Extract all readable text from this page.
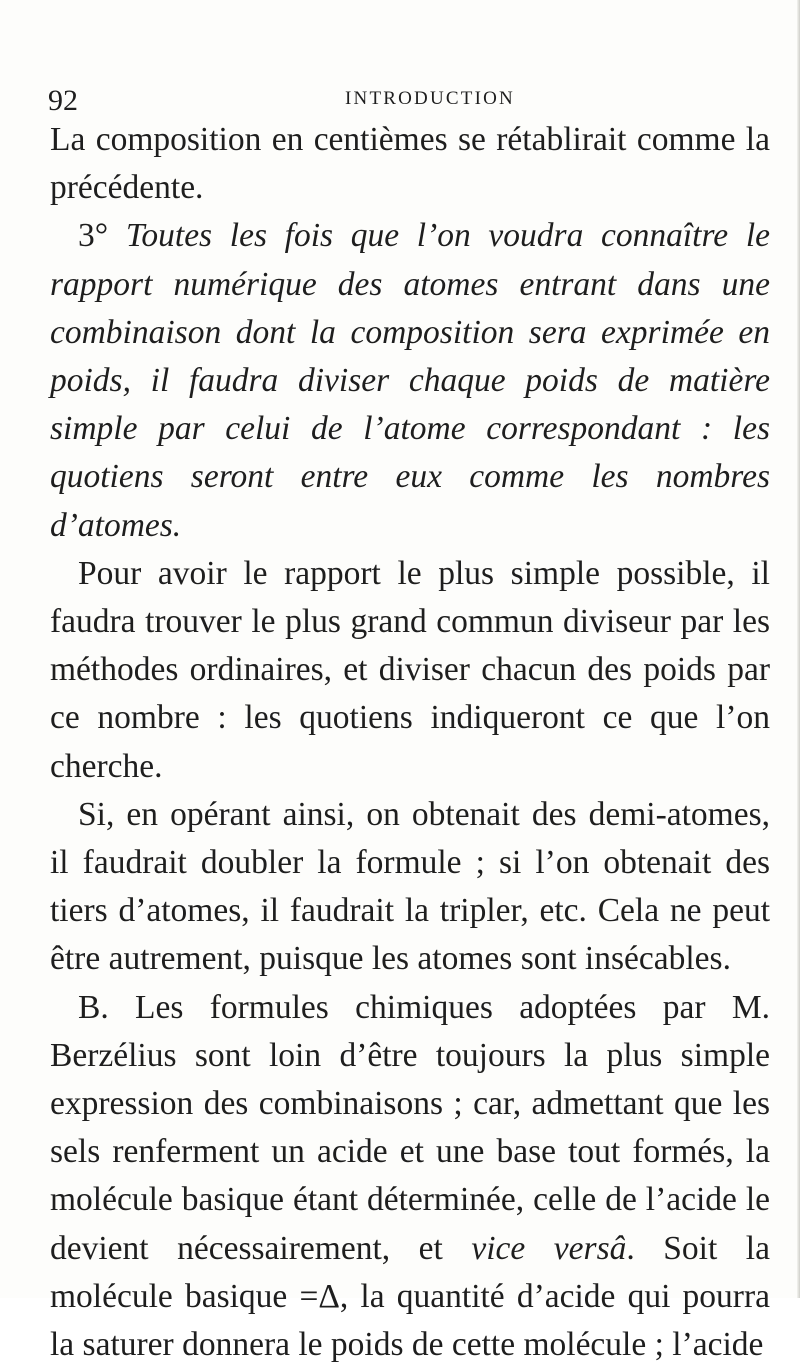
92	INTRODUCTION

La composition en centièmes se rétablirait comme la précédente.

3° Toutes les fois que l’on voudra connaître le rapport numérique des atomes entrant dans une combinaison dont la composition sera exprimée en poids, il faudra diviser chaque poids de matière simple par celui de l’atome correspondant : les quotiens seront entre eux comme les nombres d’atomes.

Pour avoir le rapport le plus simple possible, il faudra trouver le plus grand commun diviseur par les méthodes ordinaires, et diviser chacun des poids par ce nombre : les quotiens indiqueront ce que l’on cherche.

Si, en opérant ainsi, on obtenait des demi-atomes, il faudrait doubler la formule ; si l’on obtenait des tiers d’atomes, il faudrait la tripler, etc. Cela ne peut être autrement, puisque les atomes sont insécables.

B. Les formules chimiques adoptées par M. Berzélius sont loin d’être toujours la plus simple expression des combinaisons ; car, admettant que les sels renferment un acide et une base tout formés, la molécule basique étant déterminée, celle de l’acide le devient nécessairement, et vice versâ. Soit la molécule basique =Δ, la quantité d’acide qui pourra la saturer donnera le poids de cette molécule ; l’acide
